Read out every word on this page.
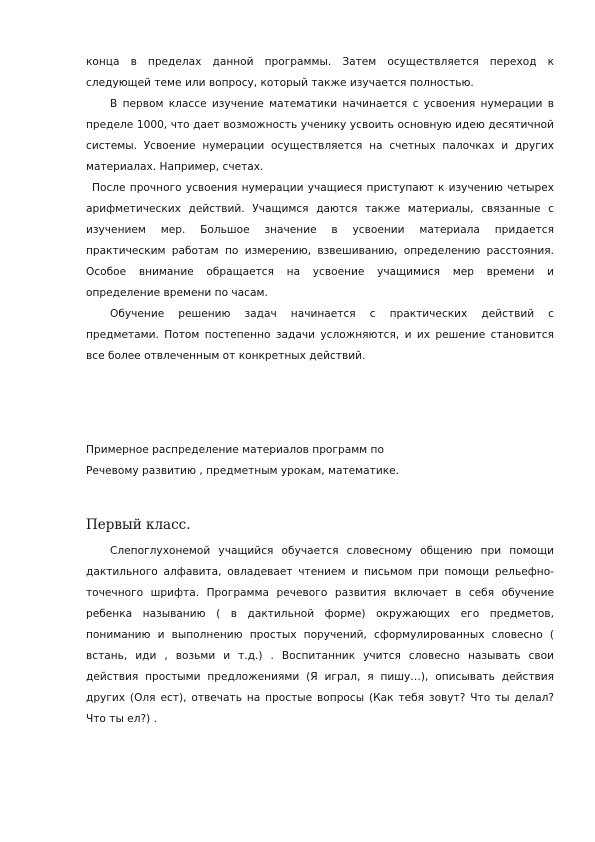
конца в пределах данной программы. Затем осуществляется переход к следующей теме или вопросу, который также изучается полностью.

В первом классе изучение математики начинается с усвоения нумерации в пределе 1000, что дает возможность ученику усвоить основную идею десятичной системы. Усвоение нумерации осуществляется на счетных палочках и других материалах. Например, счетах.

После прочного усвоения нумерации учащиеся приступают к изучению четырех арифметических действий. Учащимся даются также материалы, связанные с изучением мер. Большое значение в усвоении материала придается практическим работам по измерению, взвешиванию, определению расстояния. Особое внимание обращается на усвоение учащимися мер времени и определение времени по часам.

Обучение решению задач начинается с практических действий с предметами. Потом постепенно задачи усложняются, и их решение становится все более отвлеченным от конкретных действий.

Примерное распределение материалов программ по
Речевому развитию , предметным урокам, математике.
Первый класс.

Слепоглухонемой учащийся обучается словесному общению при помощи дактильного алфавита, овладевает чтением и письмом при помощи рельефно-точечного шрифта. Программа речевого развития включает в себя обучение ребенка называнию ( в дактильной форме) окружающих его предметов, пониманию и выполнению простых поручений, сформулированных словесно ( встань, иди , возьми и т.д.) . Воспитанник учится словесно называть свои действия простыми предложениями (Я играл, я пишу…), описывать действия других (Оля ест), отвечать на простые вопросы (Как тебя зовут? Что ты делал? Что ты ел?) .
